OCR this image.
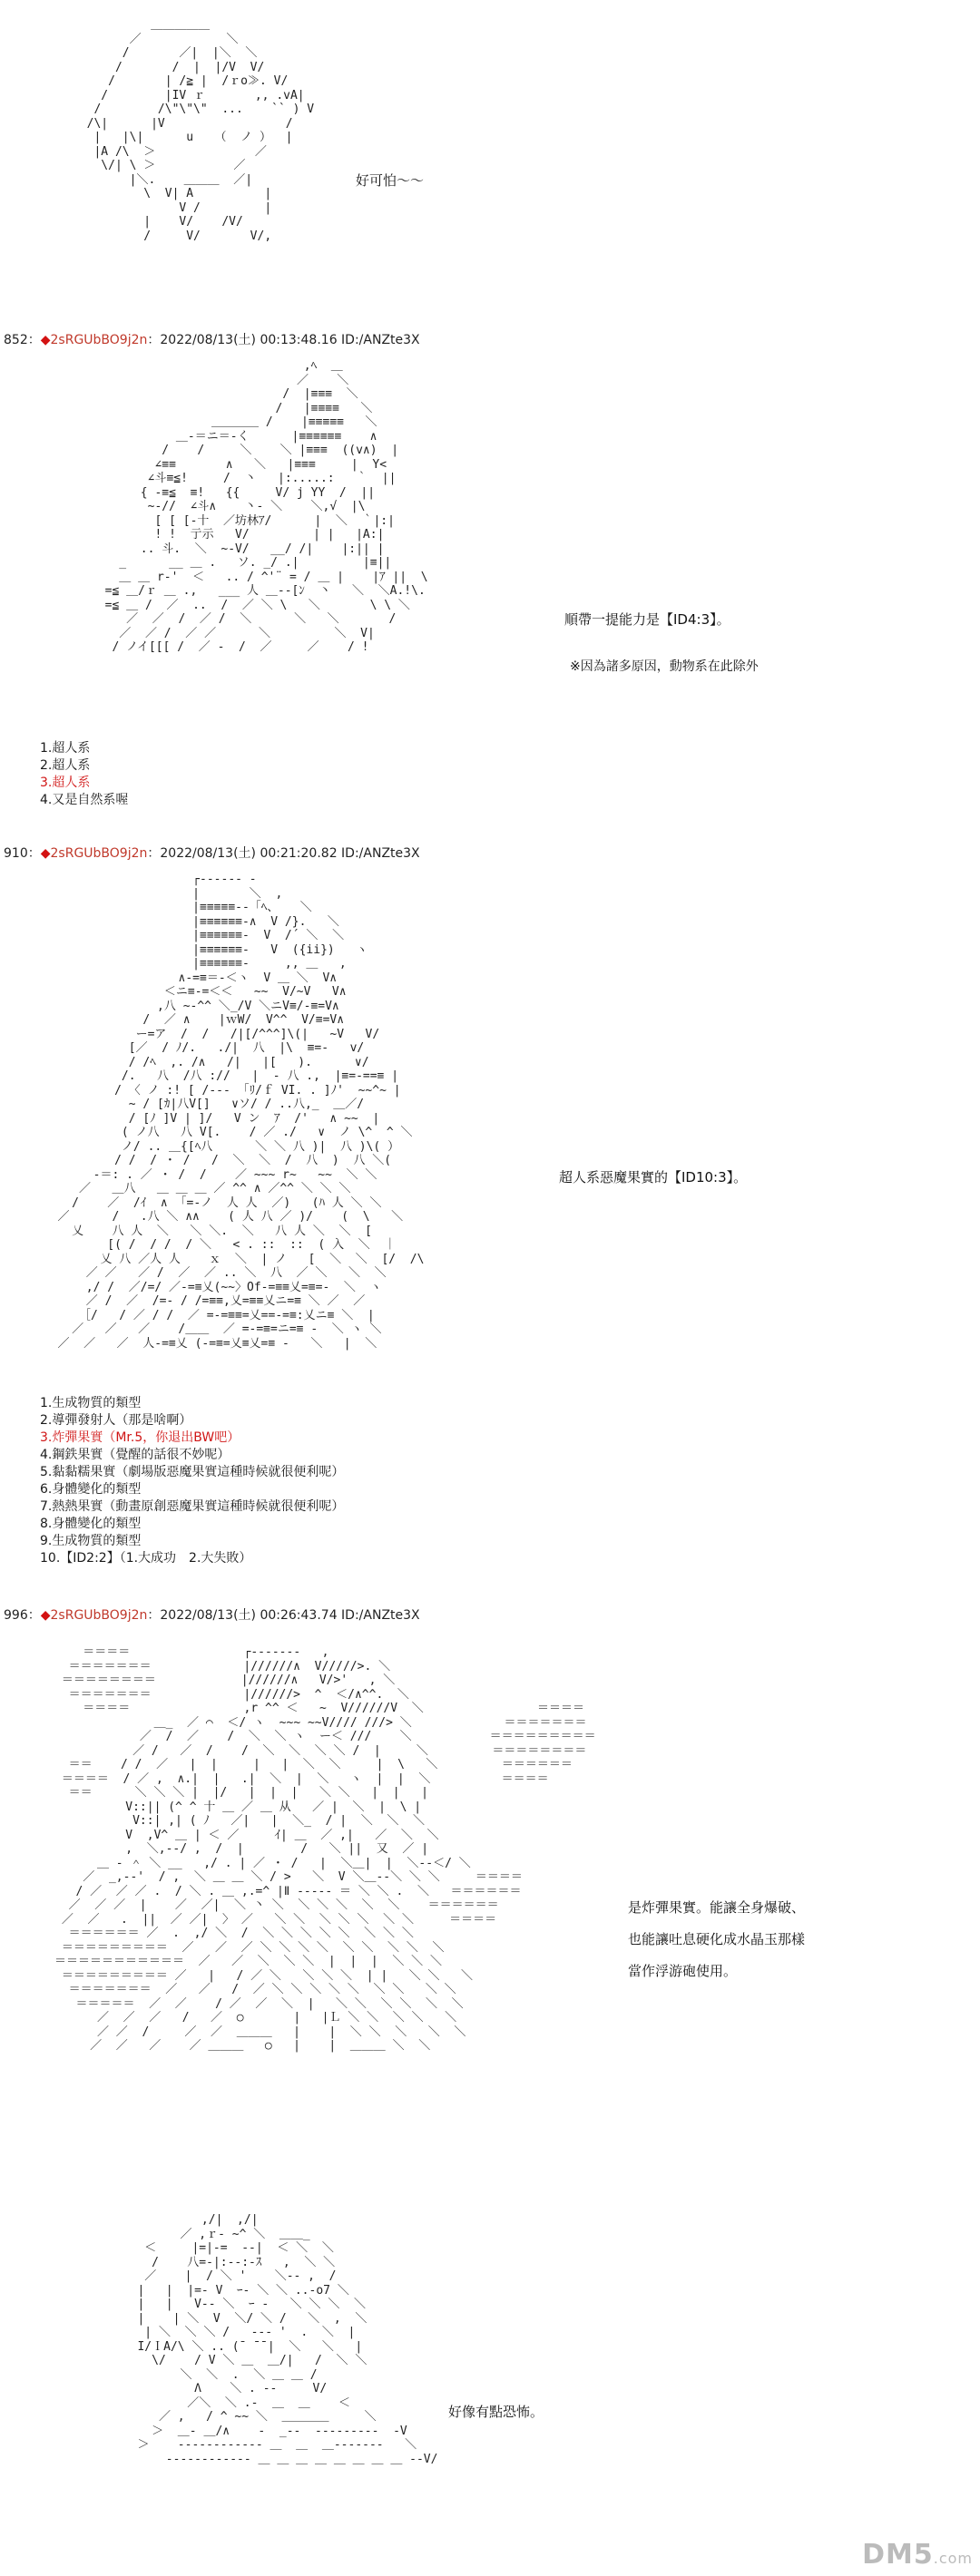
＿＿＿＿＿
／            ＼
/       ／|  |＼  ＼
/       /  |  |/V  V/
/       | /≧ |  /ｒo≫. V/
/        |IV ｒ       ,, .vA|
/        /\"\"\"  ...    `` ) V
/\|      |V                 /
|   |\|      u   （  ノ ）  |
|A /\  ＞              ／
\/| \ ＞           ／
|＼.    ＿＿＿  ／|
\  V| A          |
V /         |
|    V/    /V/
/     V/       V/,
好可怕～～
852：◆2sRGUbBO9j2n：2022/08/13(土) 00:13:48.16 ID:/ANZte3X
,ﾍ  ＿
／    ＼
/  |≡≡≡  ＼
/   |≡≡≡≡   ＼
＿＿＿＿ /    |≡≡≡≡≡   ＼
＿-＝ニ＝-く      |≡≡≡≡≡≡    ∧
/    /     ＼    ＼ |≡≡≡  ((v∧)  |
∠≡≡       ∧   ＼   |≡≡≡     |  Y<
∠斗≡≦!     /  丶   |:.....:   ｀  ||
{ -≡≦  ≡!   {{     V/ j YY  /  ||
~-//  ∠斗∧    丶- ＼    ＼,√  |\
[ [ [-十  ／坊林ｱ/      |  ＼  ｀|:|
! !  亍示   V/         | |   |A:|
.. 斗.  ＼  ~-V/   __/ /|    |:|| |
_      __ ＿ .   ソ. _/ .|         |≡||
＿ ＿ r‐'  ＜   .. / ^'¨ = / ＿ |    |ｱ ||  \
=≦ ＿/ｒ ＿ .,   ___ 人 ＿-‐[ﾝ  丶   ＼  ＼A.!\.
=≦ ＿ /  ／  ..  /  ／ ＼ \   ＼       \ \ ＼
／  ／  /  ／ /  ＼      ＼   ＼       /
／  ／ /  ／ ／      ＼         ＼  V|
/ ノイ[[[ /  ／ -  /  ／     ／    / !
順帶一提能力是【ID4:3】。
※因為諸多原因，動物系在此除外
1.超人系
2.超人系
3.超人系
4.又是自然系喔
910：◆2sRGUbBO9j2n：2022/08/13(土) 00:21:20.82 ID:/ANZte3X
┌‐‐‐‐‐‐ -
|       ＼  ,
|≡≡≡≡≡‐-「ﾍ、   ＼
|≡≡≡≡≡≡-∧  V /}.   ＼
|≡≡≡≡≡≡-  V  /´ ＼  ＼
|≡≡≡≡≡≡-   V  ({ii})   ヽ
|≡≡≡≡≡≡-     ,, ＿   ,
∧-=≡＝-＜ヽ  V ＿ ＼  V∧
＜ニ≡-=＜＜   ~~  V/~V   V∧
,八 ~‐^^ ＼_/V ＼ニV≡/‐≡=V∧
/  ／ ∧    |ｗW/  V^^  V/≡=V∧
ー=ア  /  /   /|[/^^^]\(|   ~V   V/
[／  / ﾉ/.   ./|  八  |\  ≡=-   v/
/ /ﾍ  ,. /∧   /|   |[   ).      ∨/
/.   八  /八 ://   |  ‐ 八 .,  |≡=-==≡ |
/ 〈 ノ :! [ /‐-- 「ﾘ/ｆ VI. . ]ﾉ'  ~~^~ |
~ / [ｶ|八V[]   ∨ソ/ / ..八,_  ＿／/
/ [ﾉ ]V | ]/   V ン  ｱ  /'   ∧ ~~  |
( ノ八   八 V[.    / ／ ./   ∨  ノ \^  ^ ＼
ノ/ .. ＿{[ﾍ八      ＼ ＼ 八 )|  八 )\( ）
/ /  / ・ /   /  ＼  ＼  /  八  )  八 ＼(
‐＝: . ／ ・ /  /    ／ ~~~ r~   ~~  ＼ ＼
／   ＿八   ＿ ＿ ＿ ／ ^^ ∧ ／^^ ＼ ＼ ＼
/    ／  /ｲ  ∧ 「=‐ノ  人 人  ／)   (ﾊ 人 ＼ ＼
／      /   .八 ＼ ∧∧    ( 人 八 ／ )/    (  \   ＼
乂    八 人  ＼   ＼ ＼.  ＼   八 人 ＼  ＼  [
[( /  / /  / ＼   < . ::  ::  ( 入  ＼  ｜
乂 八 ／人 人    ｘ  ＼  | ノ   [  ＼  ＼  [/  /\
／ ／   ／ /  ／  ／ .. ＼  八  ／ ＼   ＼  ＼
,/ /  ／/=/ ／‐=≡乂(~~〉Of‐=≡≡乂=≡=‐  ＼  ヽ
／ /  ／  /=‐ / /=≡≡,乂=≡≡乂ニ=≡ ＼ ／  ／
［/   / ／ / /  ／ =‐=≡≡=乂==‐=≡:乂ニ≡ ＼  |
／   ／   ／    /＿＿  ／ =‐=≡=ニ=≡ ‐  ＼ ヽ ＼
／  ／   ／  人‐=≡乂 (-=≡=乂≡乂=≡ ‐   ＼   |  ＼
超人系惡魔果實的【ID10:3】。
1.生成物質的類型
2.導彈發射人（那是啥啊）
3.炸彈果實（Mr.5，你退出BW吧）
4.鋼鉄果實（覺醒的話很不妙呢）
5.黏黏糯果實（劇場版惡魔果實這種時候就很便利呢）
6.身體變化的類型
7.熱熱果實（動畫原創惡魔果實這種時候就很便利呢）
8.身體變化的類型
9.生成物質的類型
10.【ID2:2】（1.大成功　2.大失敗）
996：◆2sRGUbBO9j2n：2022/08/13(土) 00:26:43.74 ID:/ANZte3X
＝＝＝＝                ┌‐‐‐‐‐‐-   ,
＝＝＝＝＝＝＝             |//////∧  V/////>. ＼
＝＝＝＝＝＝＝＝            |//////∧   V/>'   , ＼
＝＝＝＝＝＝＝             |//////>  ^  ＜/∧^^.  ＼
＝＝＝＝                ,r ^^ ＜   ~  V//////V  ＼                ＝＝＝＝
＿_  ／ ⌒  ＜/ ヽ  ~~~ ~~V//// ///> ＼             ＝＝＝＝＝＝＝
／  /  ／    /  ＼  ＼ ヽ  ー＜ ///    ＼           ＝＝＝＝＝＝＝＝＝
／ /   ／  /    /  ＼  ＼  ＼ ＼ /  |     ＼         ＝＝＝＝＝＝＝＝
＝＝    / /  ／   |  |     |   |  ＼  ＼     |  \   ＼         ＝＝＝＝＝＝
＝＝＝＝  / ／ ,  ∧.|  |   .|  ＼  |  ＼   ヽ  |  |  ＼          ＝＝＝＝
＝＝      ＼ ＼ ＼ |  |/   |  |  |   ＼ ＼   |  |   |
V::|| (^ ^ 十 ＿ ／ ＿ 从   ／ |  ＼  |  \ |
V::| ,| ( ﾉ   ／|   |  ＼_  / |  ＼  ＼  ＼
V  ,V^ ＿ | ＜ ／     ｲ| ＿  ／ ,|   ／  ＼  ＼
,  ＼,--/ ,  /  |        /   ＼ ||  又  ／ |
＿ - ＾ ＼ __   ,/ . | ／ ・ /   |  ＼＿|  |  ＼-‐＜/ ＼
／  _,-‐'  / ,  ＼ ＿ ＿ ＼ / >   ＼  V ＼＿-‐＼ ＼ ＼     ＝＝＝＝
/ ／  ／ ／ .  / ＼ . ＿ ,.=^ |Ⅱ ‐‐‐‐‐ ＝ ＼ ＼ .  ＼   ＝＝＝＝＝＝
／  ／ ／  |    ／  ／|  ＼ 丶 ＼  ＼ ＼ ＼  ＼  ＼    ＝＝＝＝＝＝
／  ／   .  ||  ／ ／|  〉 ／   ＼ ＼  ＼ ＼ ＼  ＼ ＼     ＝＝＝＝
＝＝＝＝＝＝ ／  .  ,/ ＼  /  ＼ ＼ ＼ ＼ ＼  ＼ ＼ ＼
＝＝＝＝＝＝＝＝＝  ／   ／  ／ ＼ ＼ ＼ ＼  ＼ ＼  ＼ ＼  ＼
＝＝＝＝＝＝＝＝＝＝＝  ／   ／  ＼  ＼ ＼  |  |  |  ＼ ＼ ＼
＝＝＝＝＝＝＝＝＝ ／   |   / ／ ＼   ＼ ＼ ＼  | |   ＼ ＼   ＼
＝＝＝＝＝＝＝  ／   ／   /  ／ ＼ ＼ ＼ ＼ ＼  ＼ ＼   ＼ ＼
＝＝＝＝＝  ／  ／    / ／  ／  ＼  |   ＼ ＼  ＼ ＼  ＼  ＼
／  ／  ／   /   ／  ○       |   |Ｌ ＼ ＼  ＼ ＼   ＼
／ ／  /     ／  ／  ＿＿＿   |    |  ＼ ＼  ＼   ＼  ＼
／  ／   ／    ／ ＿＿＿   ○   |    |  ＿＿＿ ＼  ＼
是炸彈果實。能讓全身爆破、
也能讓吐息硬化成水晶玉那樣
當作浮游砲使用。
,/|  ,/|
／ ,ｒ‐ ~^ ＼  ＿＿_
＜     |=|‐=  ‐‐|  ＜ ＼  ＼
/    八=-|:-‐:-ｽ   ,  ＼ ＼
／    |  / ＼ '    ＼‐‐ ,  /
|   |  |=- V  ｰ- ＼ ＼ ..‐o7 ＼
|   |   V-- ＼  ｰ ‐   ＼ ＼ ＼  ＼
|    | ＼  V  ＼/ ＼ /   ＼  ,  ＼
| ＼  ＼ ＼ /   ‐‐‐ '  .  ＼  |
I/ＩA/\ ＼ .. (¯ ̄¯¯|  ＼   ＼   |
\/    / V ＼ ＿  ＿/|   /  ＼ ＼
＼  ＼  .  ＼ ＿ ＿ /
Λ    ＼ . --     V/
／＼  ＼ .‐  ＿  ＿    ＜
／ ,   / ^ ~~ ＼  ＿＿＿＿     ＼
＞  ＿‐ ＿/∧    ‐  _‐‐  ‐‐‐‐‐‐‐‐‐  ‐V
＞    ‐‐‐‐‐‐‐‐‐‐‐‐ ＿  ＿  ＿‐‐‐‐‐‐‐   ＼
‐‐‐‐‐‐‐‐‐‐‐‐ ＿ ＿ ＿ ＿ ＿ ＿ ＿ ＿ ‐‐V/
好像有點恐怖。
DM5.com
